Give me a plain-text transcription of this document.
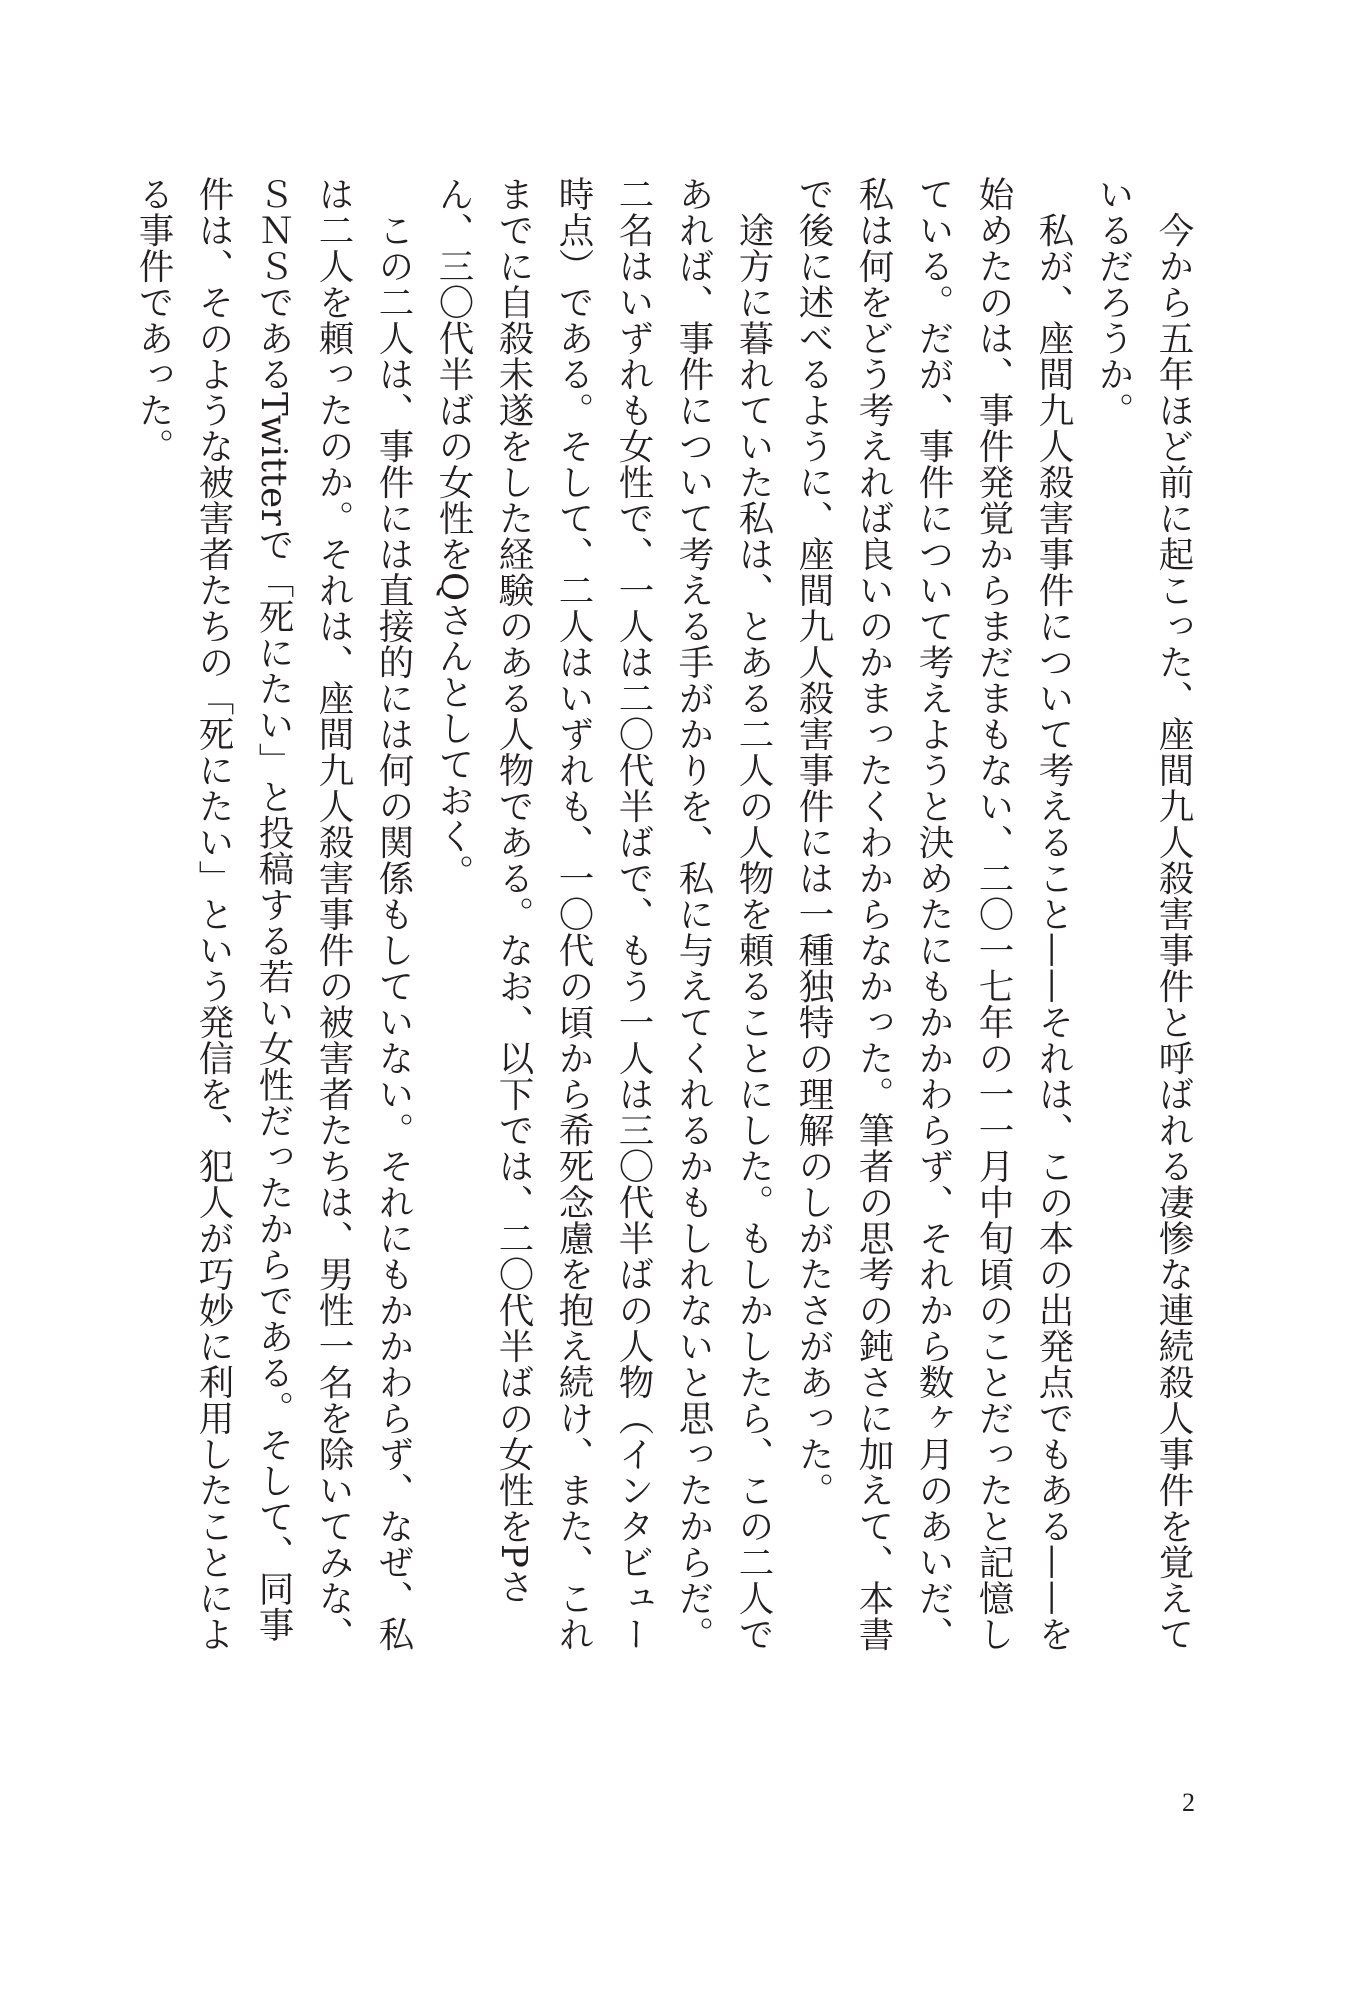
今から五年ほど前に起こった、座間九人殺害事件と呼ばれる凄惨な連続殺人事件を覚えているだろうか。

私が、座間九人殺害事件について考えること——それは、この本の出発点でもある——を始めたのは、事件発覚からまだまもない、二〇一七年の一一月中旬頃のことだったと記憶している。だが、事件について考えようと決めたにもかかわらず、それから数ヶ月のあいだ、私は何をどう考えれば良いのかまったくわからなかった。筆者の思考の鈍さに加えて、本書で後に述べるように、座間九人殺害事件には一種独特の理解のしがたさがあった。

途方に暮れていた私は、とある二人の人物を頼ることにした。もしかしたら、この二人であれば、事件について考える手がかりを、私に与えてくれるかもしれないと思ったからだ。二名はいずれも女性で、一人は二〇代半ばで、もう一人は三〇代半ばの人物（インタビュー時点）である。そして、二人はいずれも、一〇代の頃から希死念慮を抱え続け、また、これまでに自殺未遂をした経験のある人物である。なお、以下では、二〇代半ばの女性をPさん、三〇代半ばの女性をQさんとしておく。

この二人は、事件には直接的には何の関係もしていない。それにもかかわらず、なぜ、私は二人を頼ったのか。それは、座間九人殺害事件の被害者たちは、男性一名を除いてみな、ＳＮＳであるTwitterで「死にたい」と投稿する若い女性だったからである。そして、同事件は、そのような被害者たちの「死にたい」という発信を、犯人が巧妙に利用したことによる事件であった。

2
